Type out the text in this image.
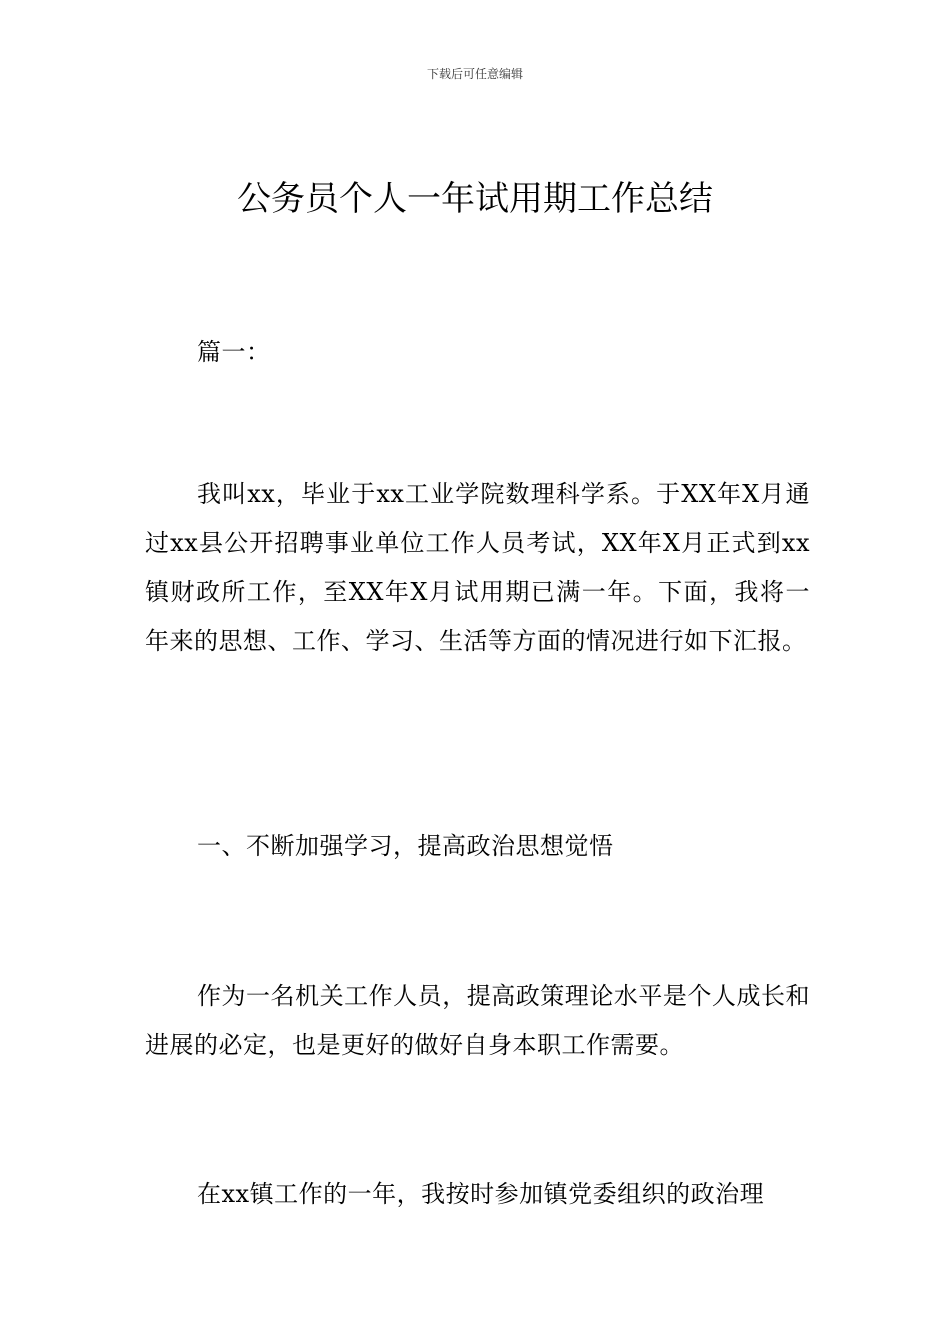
下载后可任意编辑
公务员个人一年试用期工作总结

篇一：

我叫xx，毕业于xx工业学院数理科学系。于XX年X月通过xx县公开招聘事业单位工作人员考试，XX年X月正式到xx镇财政所工作，至XX年X月试用期已满一年。下面，我将一年来的思想、工作、学习、生活等方面的情况进行如下汇报。

一、不断加强学习，提高政治思想觉悟

作为一名机关工作人员，提高政策理论水平是个人成长和进展的必定，也是更好的做好自身本职工作需要。

在xx镇工作的一年，我按时参加镇党委组织的政治理
